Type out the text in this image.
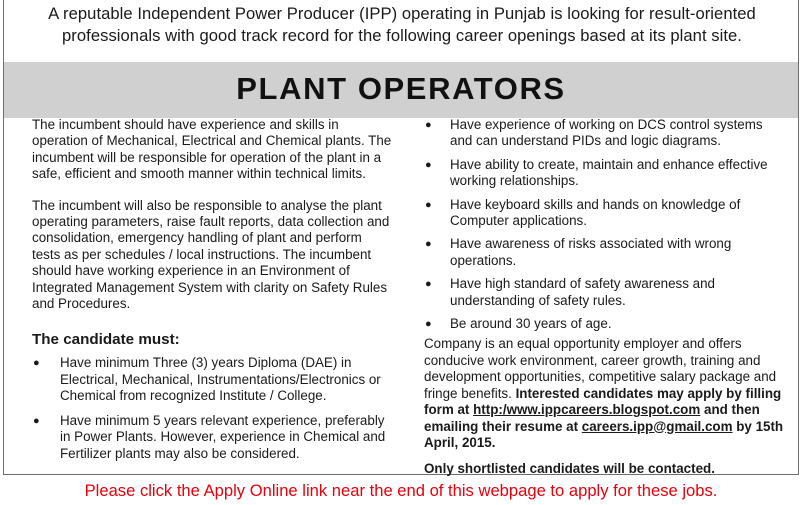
A reputable Independent Power Producer (IPP) operating in Punjab is looking for result-oriented
professionals with good track record for the following career openings based at its plant site.
PLANT OPERATORS

The incumbent should have experience and skills in operation of Mechanical, Electrical and Chemical plants. The incumbent will be responsible for operation of the plant in a safe, efficient and smooth manner within technical limits.

The incumbent will also be responsible to analyse the plant operating parameters, raise fault reports, data collection and consolidation, emergency handling of plant and perform tests as per schedules / local instructions. The incumbent should have working experience in an Environment of Integrated Management System with clarity on Safety Rules and Procedures.

The candidate must:

● Have minimum Three (3) years Diploma (DAE) in Electrical, Mechanical, Instrumentations/Electronics or Chemical from recognized Institute / College.
● Have minimum 5 years relevant experience, preferably in Power Plants. However, experience in Chemical and Fertilizer plants may also be considered.
● Have experience of working on DCS control systems and can understand PIDs and logic diagrams.
● Have ability to create, maintain and enhance effective working relationships.
● Have keyboard skills and hands on knowledge of Computer applications.
● Have awareness of risks associated with wrong operations.
● Have high standard of safety awareness and understanding of safety rules.
● Be around 30 years of age.

Company is an equal opportunity employer and offers conducive work environment, career growth, training and development opportunities, competitive salary package and fringe benefits. Interested candidates may apply by filling form at http:/www.ippcareers.blogspot.com and then emailing their resume at careers.ipp@gmail.com by 15th April, 2015.

Only shortlisted candidates will be contacted.

Please click the Apply Online link near the end of this webpage to apply for these jobs.
